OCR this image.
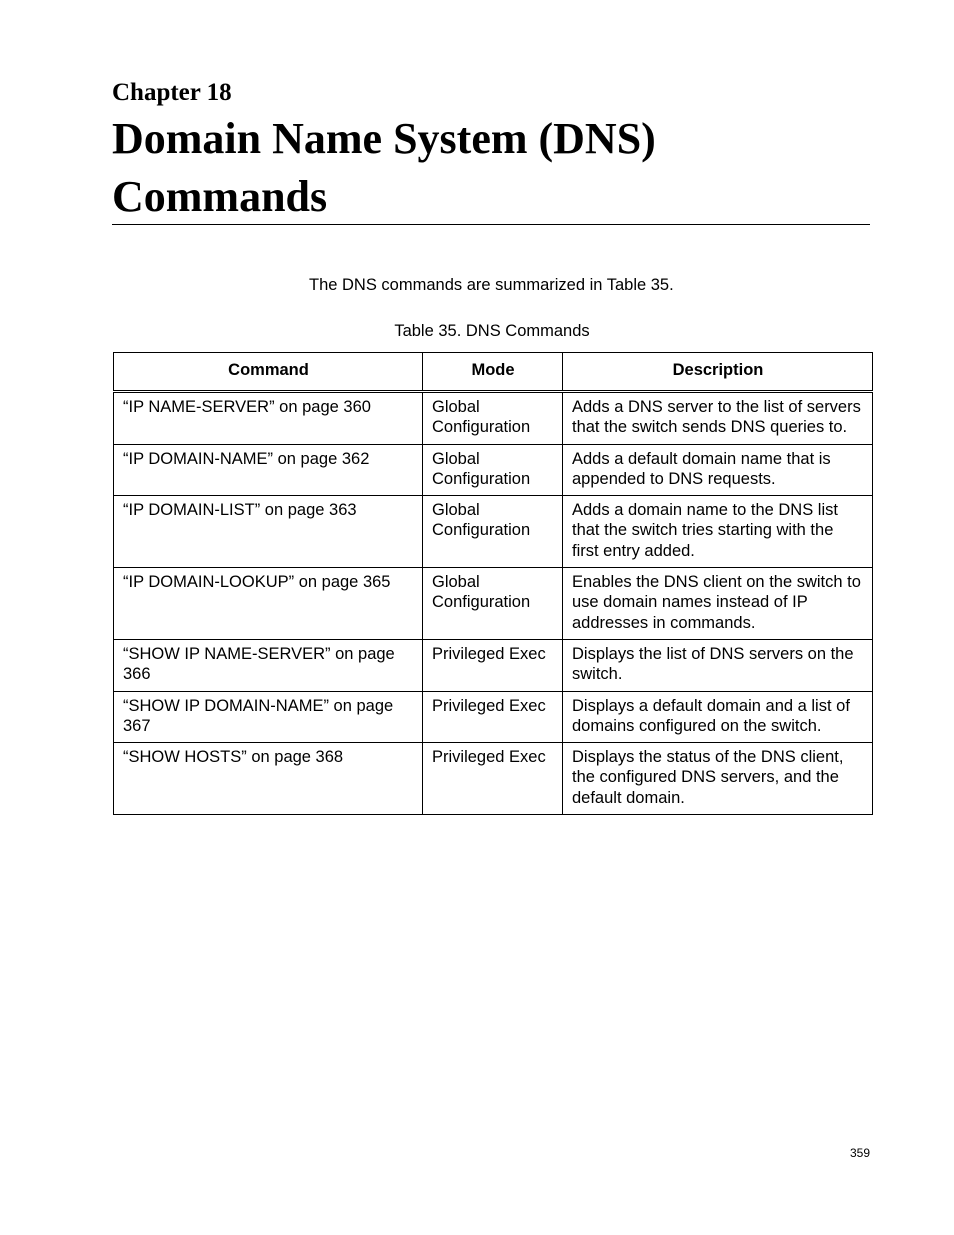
Chapter 18
Domain Name System (DNS)
Commands
The DNS commands are summarized in Table 35.
Table 35. DNS Commands
Command	Mode	Description
“IP NAME-SERVER” on page 360	Global Configuration	Adds a DNS server to the list of servers that the switch sends DNS queries to.
“IP DOMAIN-NAME” on page 362	Global Configuration	Adds a default domain name that is appended to DNS requests.
“IP DOMAIN-LIST” on page 363	Global Configuration	Adds a domain name to the DNS list that the switch tries starting with the first entry added.
“IP DOMAIN-LOOKUP” on page 365	Global Configuration	Enables the DNS client on the switch to use domain names instead of IP addresses in commands.
“SHOW IP NAME-SERVER” on page 366	Privileged Exec	Displays the list of DNS servers on the switch.
“SHOW IP DOMAIN-NAME” on page 367	Privileged Exec	Displays a default domain and a list of domains configured on the switch.
“SHOW HOSTS” on page 368	Privileged Exec	Displays the status of the DNS client, the configured DNS servers, and the default domain.
359
